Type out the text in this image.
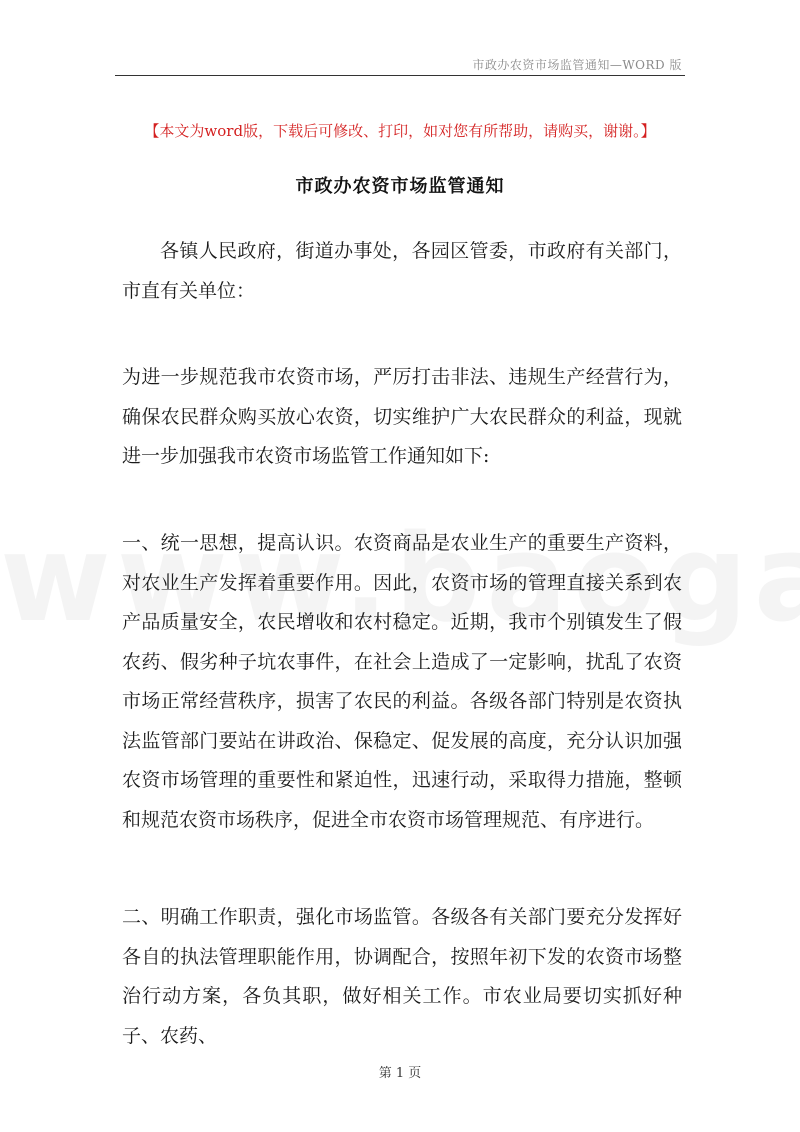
市政办农资市场监管通知—WORD 版
【本文为word版，下载后可修改、打印，如对您有所帮助，请购买，谢谢。】
市政办农资市场监管通知

各镇人民政府，街道办事处，各园区管委，市政府有关部门，市直有关单位：

为进一步规范我市农资市场，严厉打击非法、违规生产经营行为，确保农民群众购买放心农资，切实维护广大农民群众的利益，现就进一步加强我市农资市场监管工作通知如下:

一、统一思想，提高认识。农资商品是农业生产的重要生产资料，对农业生产发挥着重要作用。因此，农资市场的管理直接关系到农产品质量安全，农民增收和农村稳定。近期，我市个别镇发生了假农药、假劣种子坑农事件，在社会上造成了一定影响，扰乱了农资市场正常经营秩序，损害了农民的利益。各级各部门特别是农资执法监管部门要站在讲政治、保稳定、促发展的高度，充分认识加强农资市场管理的重要性和紧迫性，迅速行动，采取得力措施，整顿和规范农资市场秩序，促进全市农资市场管理规范、有序进行。

二、明确工作职责，强化市场监管。各级各有关部门要充分发挥好各自的执法管理职能作用，协调配合，按照年初下发的农资市场整治行动方案，各负其职，做好相关工作。市农业局要切实抓好种子、农药、

第 1 页
